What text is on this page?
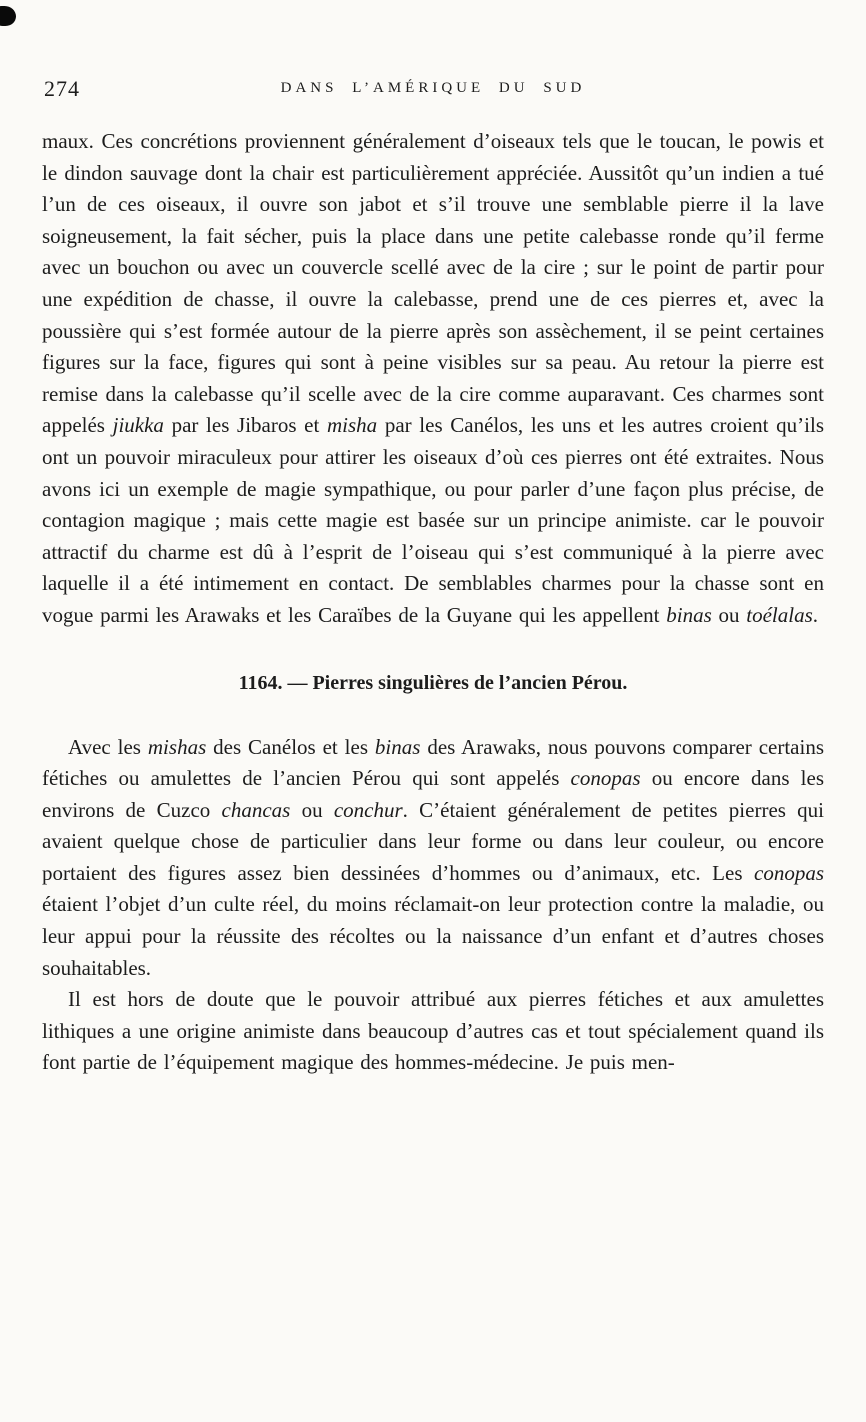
274	DANS L’AMÉRIQUE DU SUD

maux. Ces concrétions proviennent généralement d’oiseaux tels que le toucan, le powis et le dindon sauvage dont la chair est particulièrement appréciée. Aussitôt qu’un indien a tué l’un de ces oiseaux, il ouvre son jabot et s’il trouve une semblable pierre il la lave soigneusement, la fait sécher, puis la place dans une petite calebasse ronde qu’il ferme avec un bouchon ou avec un couvercle scellé avec de la cire ; sur le point de partir pour une expédition de chasse, il ouvre la calebasse, prend une de ces pierres et, avec la poussière qui s’est formée autour de la pierre après son assèchement, il se peint certaines figures sur la face, figures qui sont à peine visibles sur sa peau. Au retour la pierre est remise dans la calebasse qu’il scelle avec de la cire comme auparavant. Ces charmes sont appelés jiukka par les Jibaros et misha par les Canélos, les uns et les autres croient qu’ils ont un pouvoir miraculeux pour attirer les oiseaux d’où ces pierres ont été extraites. Nous avons ici un exemple de magie sympathique, ou pour parler d’une façon plus précise, de contagion magique ; mais cette magie est basée sur un principe animiste. car le pouvoir attractif du charme est dû à l’esprit de l’oiseau qui s’est communiqué à la pierre avec laquelle il a été intimement en contact. De semblables charmes pour la chasse sont en vogue parmi les Arawaks et les Caraïbes de la Guyane qui les appellent binas ou toélalas.

1164. — Pierres singulières de l’ancien Pérou.

Avec les mishas des Canélos et les binas des Arawaks, nous pouvons comparer certains fétiches ou amulettes de l’ancien Pérou qui sont appelés conopas ou encore dans les environs de Cuzco chancas ou conchur. C’étaient généralement de petites pierres qui avaient quelque chose de particulier dans leur forme ou dans leur couleur, ou encore portaient des figures assez bien dessinées d’hommes ou d’animaux, etc. Les conopas étaient l’objet d’un culte réel, du moins réclamait-on leur protection contre la maladie, ou leur appui pour la réussite des récoltes ou la naissance d’un enfant et d’autres choses souhaitables.

Il est hors de doute que le pouvoir attribué aux pierres fétiches et aux amulettes lithiques a une origine animiste dans beaucoup d’autres cas et tout spécialement quand ils font partie de l’équipement magique des hommes-médecine. Je puis men-
